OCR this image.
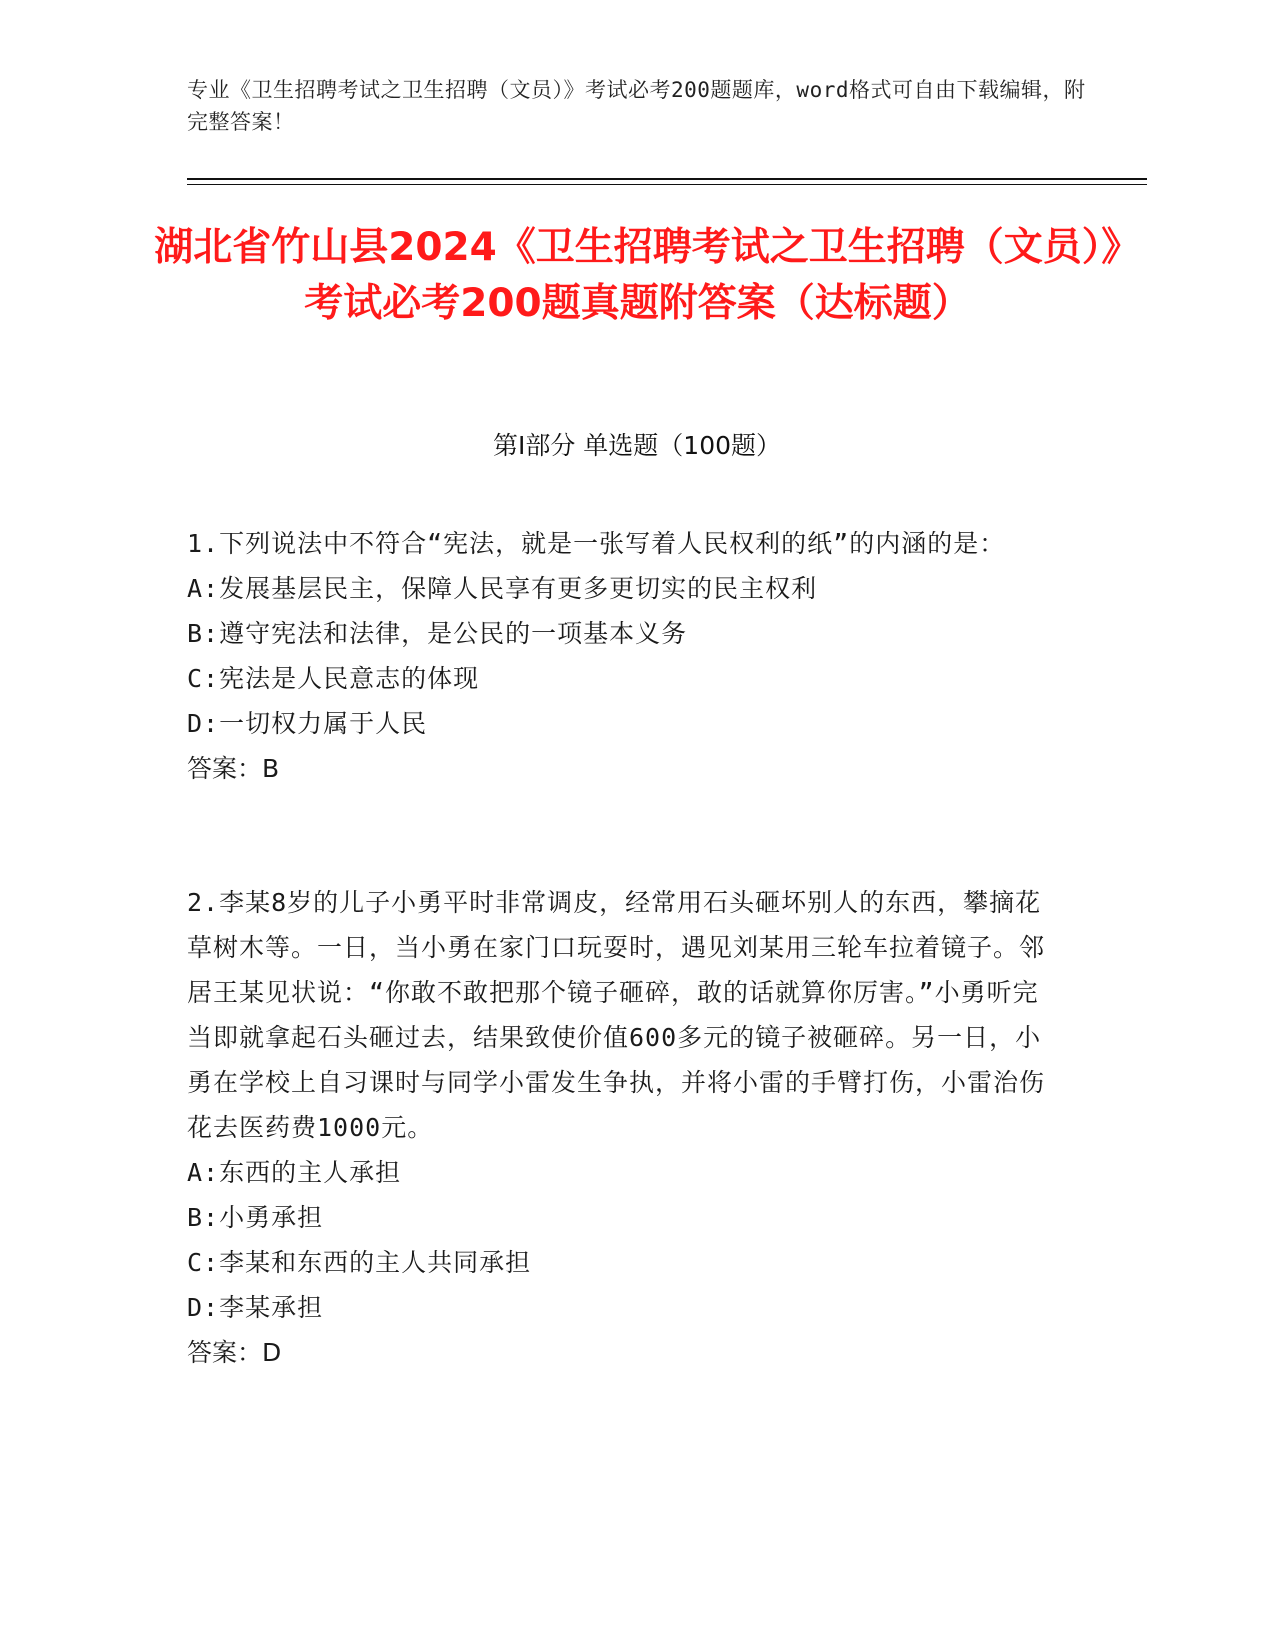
专业《卫生招聘考试之卫生招聘（文员）》考试必考200题题库，word格式可自由下载编辑，附完整答案！
湖北省竹山县2024《卫生招聘考试之卫生招聘（文员）》考试必考200题真题附答案（达标题）
第Ⅰ部分 单选题（100题）

1.下列说法中不符合“宪法，就是一张写着人民权利的纸”的内涵的是：

A:发展基层民主，保障人民享有更多更切实的民主权利

B:遵守宪法和法律，是公民的一项基本义务

C:宪法是人民意志的体现

D:一切权力属于人民

答案：B

2.李某8岁的儿子小勇平时非常调皮，经常用石头砸坏别人的东西，攀摘花草树木等。一日，当小勇在家门口玩耍时，遇见刘某用三轮车拉着镜子。邻居王某见状说：“你敢不敢把那个镜子砸碎，敢的话就算你厉害。”小勇听完当即就拿起石头砸过去，结果致使价值600多元的镜子被砸碎。另一日，小勇在学校上自习课时与同学小雷发生争执，并将小雷的手臂打伤，小雷治伤花去医药费1000元。

A:东西的主人承担

B:小勇承担

C:李某和东西的主人共同承担

D:李某承担

答案：D
